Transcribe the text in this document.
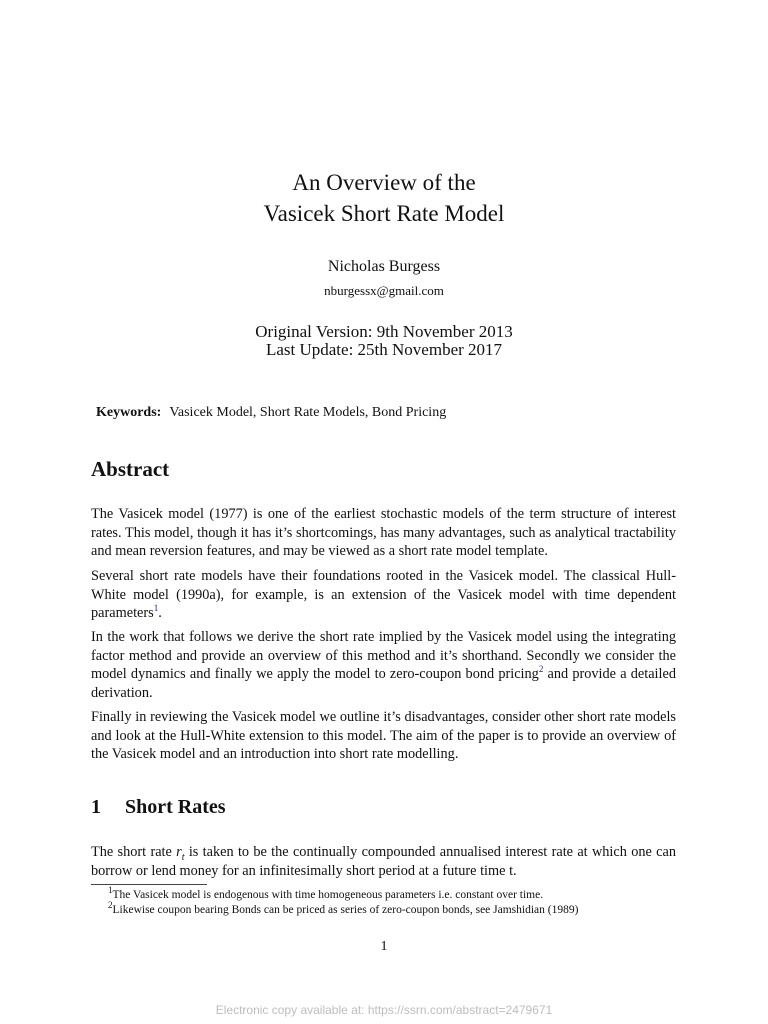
An Overview of the
Vasicek Short Rate Model
Nicholas Burgess
nburgessx@gmail.com
Original Version: 9th November 2013
Last Update: 25th November 2017
Keywords: Vasicek Model, Short Rate Models, Bond Pricing
Abstract
The Vasicek model (1977) is one of the earliest stochastic models of the term structure of interest rates. This model, though it has it’s shortcomings, has many advantages, such as analytical tractability and mean reversion features, and may be viewed as a short rate model template.
Several short rate models have their foundations rooted in the Vasicek model. The classical Hull-White model (1990a), for example, is an extension of the Vasicek model with time dependent parameters$^1$.
In the work that follows we derive the short rate implied by the Vasicek model using the integrating factor method and provide an overview of this method and it’s shorthand. Secondly we consider the model dynamics and finally we apply the model to zero-coupon bond pricing$^2$ and provide a detailed derivation.
Finally in reviewing the Vasicek model we outline it’s disadvantages, consider other short rate models and look at the Hull-White extension to this model. The aim of the paper is to provide an overview of the Vasicek model and an introduction into short rate modelling.
1 Short Rates
The short rate $r_t$ is taken to be the continually compounded annualised interest rate at which one can borrow or lend money for an infinitesimally short period at a future time t.
$^1$The Vasicek model is endogenous with time homogeneous parameters i.e. constant over time.
$^2$Likewise coupon bearing Bonds can be priced as series of zero-coupon bonds, see Jamshidian (1989)
1
Electronic copy available at: https://ssrn.com/abstract=2479671
